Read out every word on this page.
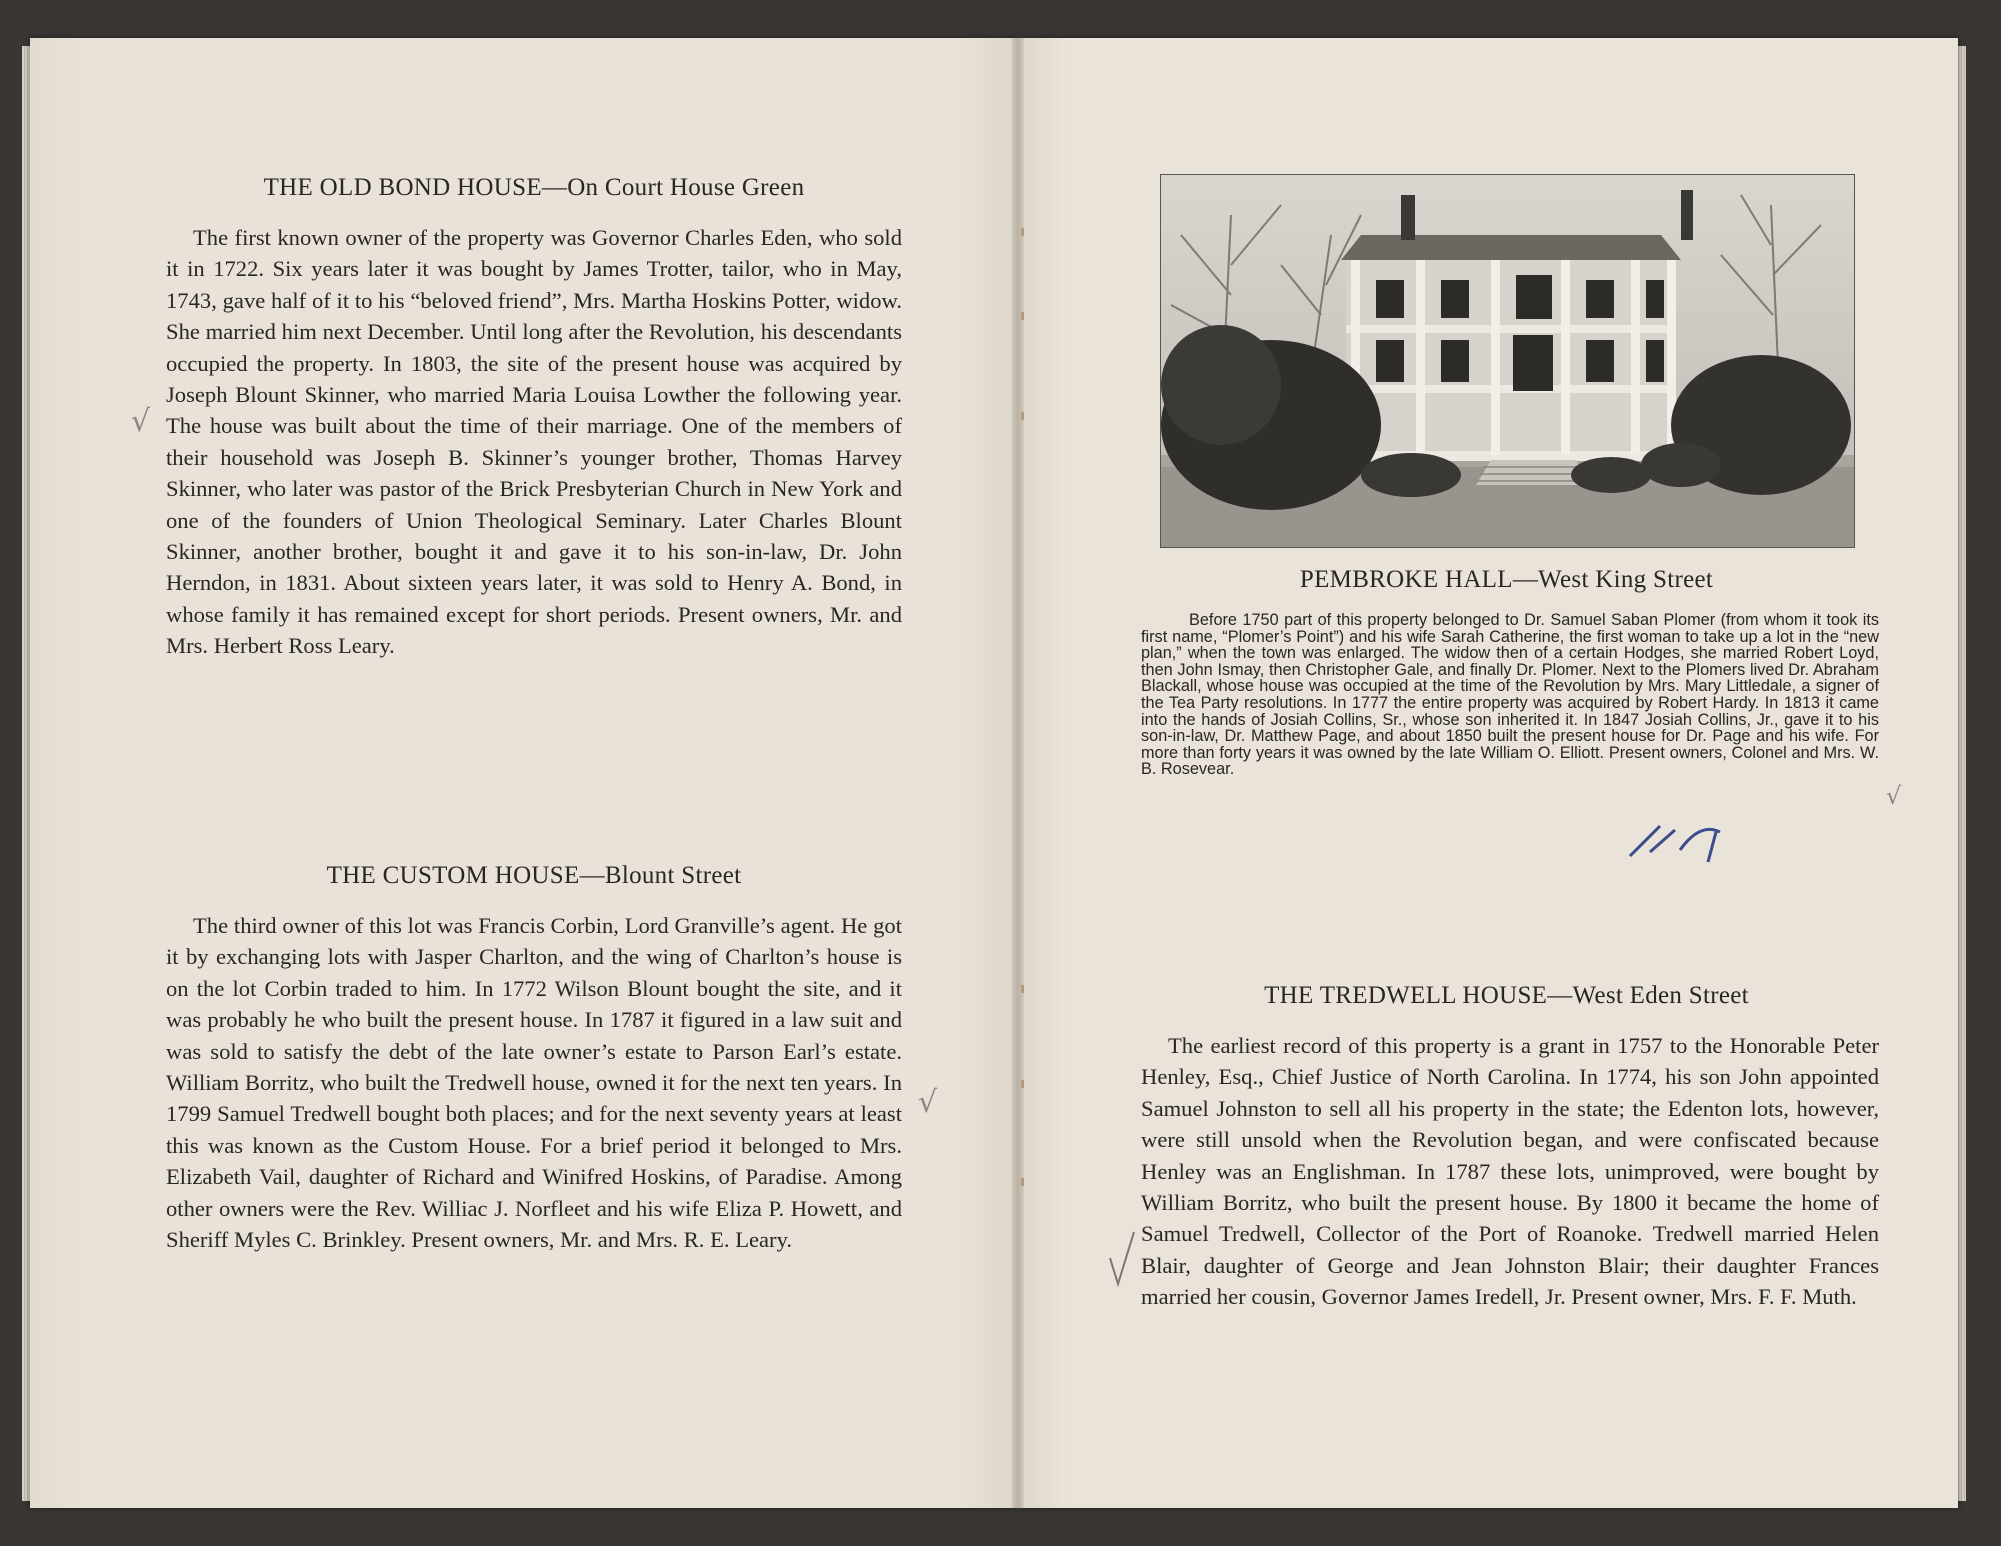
THE OLD BOND HOUSE—On Court House Green
The first known owner of the property was Governor Charles Eden, who sold it in 1722. Six years later it was bought by James Trotter, tailor, who in May, 1743, gave half of it to his “beloved friend”, Mrs. Martha Hoskins Potter, widow. She married him next December. Until long after the Revolution, his descendants occupied the property. In 1803, the site of the present house was acquired by Joseph Blount Skinner, who married Maria Louisa Lowther the following year. The house was built about the time of their marriage. One of the members of their household was Joseph B. Skinner’s younger brother, Thomas Harvey Skinner, who later was pastor of the Brick Presbyterian Church in New York and one of the founders of Union Theological Seminary. Later Charles Blount Skinner, another brother, bought it and gave it to his son-in-law, Dr. John Herndon, in 1831. About sixteen years later, it was sold to Henry A. Bond, in whose family it has remained except for short periods. Present owners, Mr. and Mrs. Herbert Ross Leary.
THE CUSTOM HOUSE—Blount Street
The third owner of this lot was Francis Corbin, Lord Granville’s agent. He got it by exchanging lots with Jasper Charlton, and the wing of Charlton’s house is on the lot Corbin traded to him. In 1772 Wilson Blount bought the site, and it was probably he who built the present house. In 1787 it figured in a law suit and was sold to satisfy the debt of the late owner’s estate to Parson Earl’s estate. William Borritz, who built the Tredwell house, owned it for the next ten years. In 1799 Samuel Tredwell bought both places; and for the next seventy years at least this was known as the Custom House. For a brief period it belonged to Mrs. Elizabeth Vail, daughter of Richard and Winifred Hoskins, of Paradise. Among other owners were the Rev. Williac J. Norfleet and his wife Eliza P. Howett, and Sheriff Myles C. Brinkley. Present owners, Mr. and Mrs. R. E. Leary.
√
√
PEMBROKE HALL—West King Street
Before 1750 part of this property belonged to Dr. Samuel Saban Plomer (from whom it took its first name, “Plomer’s Point”) and his wife Sarah Catherine, the first woman to take up a lot in the “new plan,” when the town was enlarged. The widow then of a certain Hodges, she married Robert Loyd, then John Ismay, then Christopher Gale, and finally Dr. Plomer. Next to the Plomers lived Dr. Abraham Blackall, whose house was occupied at the time of the Revolution by Mrs. Mary Littledale, a signer of the Tea Party resolutions. In 1777 the entire property was acquired by Robert Hardy. In 1813 it came into the hands of Josiah Collins, Sr., whose son inherited it. In 1847 Josiah Collins, Jr., gave it to his son-in-law, Dr. Matthew Page, and about 1850 built the present house for Dr. Page and his wife. For more than forty years it was owned by the late William O. Elliott. Present owners, Colonel and Mrs. W. B. Rosevear.
THE TREDWELL HOUSE—West Eden Street
The earliest record of this property is a grant in 1757 to the Honorable Peter Henley, Esq., Chief Justice of North Carolina. In 1774, his son John appointed Samuel Johnston to sell all his property in the state; the Edenton lots, however, were still unsold when the Revolution began, and were confiscated because Henley was an Englishman. In 1787 these lots, unimproved, were bought by William Borritz, who built the present house. By 1800 it became the home of Samuel Tredwell, Collector of the Port of Roanoke. Tredwell married Helen Blair, daughter of George and Jean Johnston Blair; their daughter Frances married her cousin, Governor James Iredell, Jr. Present owner, Mrs. F. F. Muth.
√
